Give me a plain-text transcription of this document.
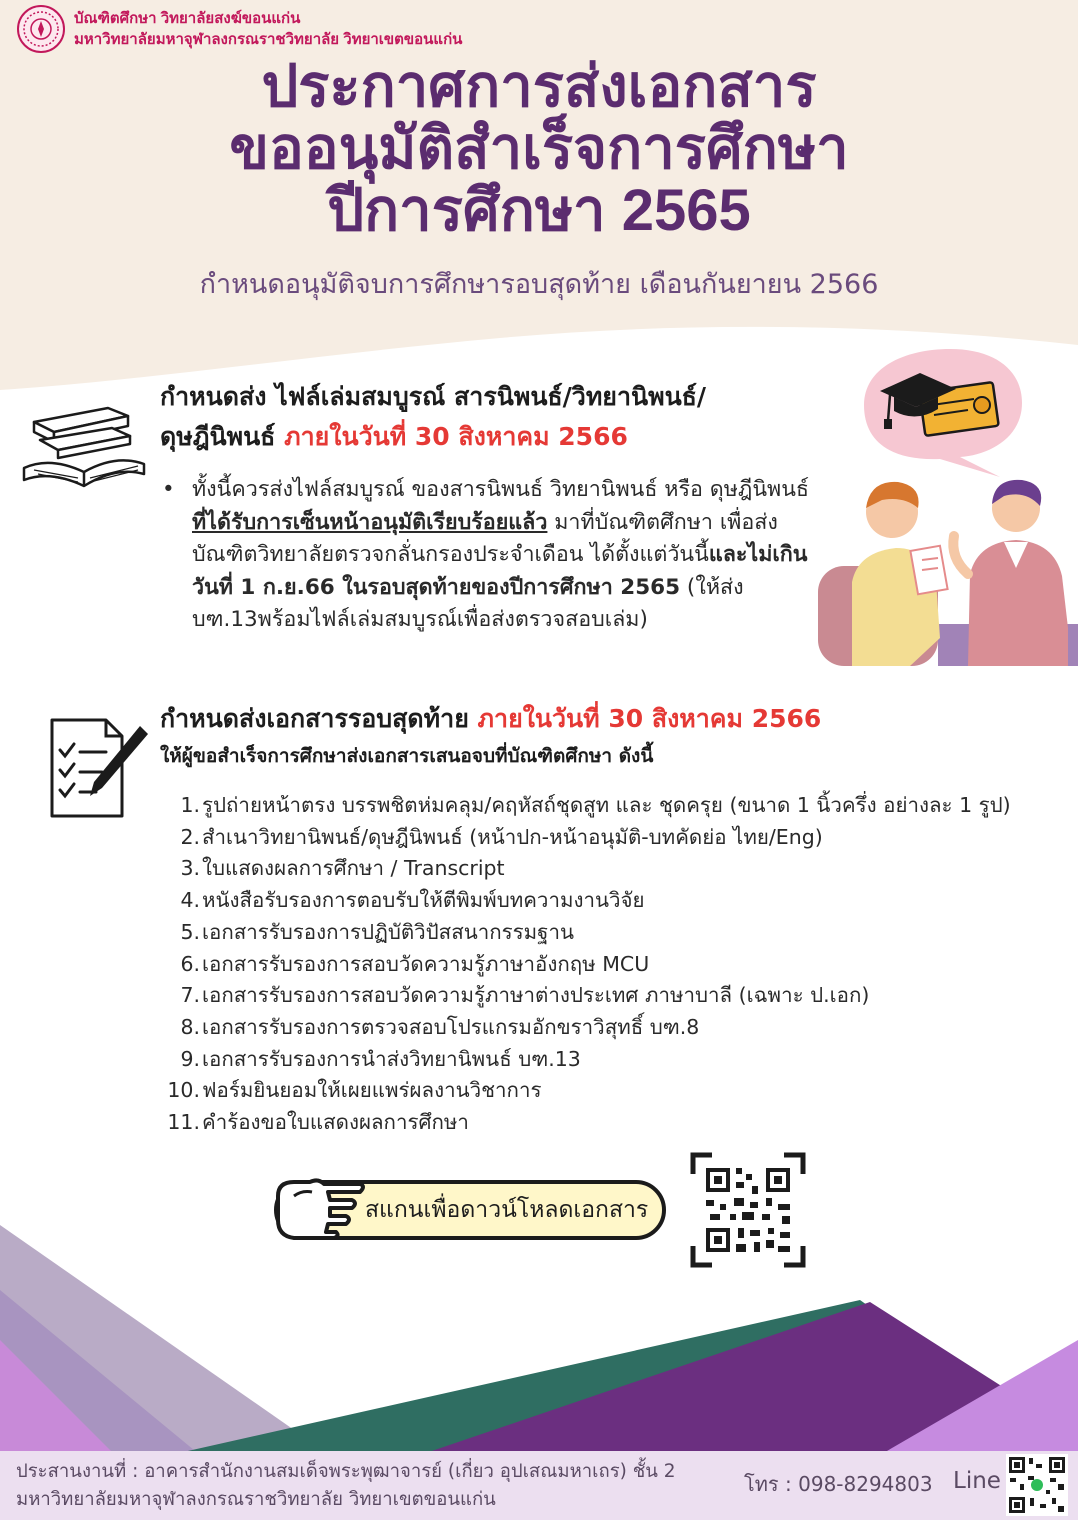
บัณฑิตศึกษา วิทยาลัยสงฆ์ขอนแก่น
มหาวิทยาลัยมหาจุฬาลงกรณราชวิทยาลัย วิทยาเขตขอนแก่น
ประกาศการส่งเอกสาร
ขออนุมัติสำเร็จการศึกษา
ปีการศึกษา 2565
กำหนดอนุมัติจบการศึกษารอบสุดท้าย เดือนกันยายน 2566
กำหนดส่ง ไฟล์เล่มสมบูรณ์ สารนิพนธ์/วิทยานิพนธ์/
ดุษฎีนิพนธ์ ภายในวันที่ 30 สิงหาคม 2566
• ทั้งนี้ควรส่งไฟล์สมบูรณ์ ของสารนิพนธ์ วิทยานิพนธ์ หรือ ดุษฎีนิพนธ์ ที่ได้รับการเซ็นหน้าอนุมัติเรียบร้อยแล้ว มาที่บัณฑิตศึกษา เพื่อส่งบัณฑิตวิทยาลัยตรวจกลั่นกรองประจำเดือน ได้ตั้งแต่วันนี้และไม่เกินวันที่ 1 ก.ย.66 ในรอบสุดท้ายของปีการศึกษา 2565 (ให้ส่งบฑ.13พร้อมไฟล์เล่มสมบูรณ์เพื่อส่งตรวจสอบเล่ม)
กำหนดส่งเอกสารรอบสุดท้าย ภายในวันที่ 30 สิงหาคม 2566
ให้ผู้ขอสำเร็จการศึกษาส่งเอกสารเสนอจบที่บัณฑิตศึกษา ดังนี้
1. รูปถ่ายหน้าตรง บรรพชิตห่มคลุม/คฤหัสถ์ชุดสูท และ ชุดครุย (ขนาด 1 นิ้วครึ่ง อย่างละ 1 รูป)
2. สำเนาวิทยานิพนธ์/ดุษฎีนิพนธ์ (หน้าปก-หน้าอนุมัติ-บทคัดย่อ ไทย/Eng)
3. ใบแสดงผลการศึกษา / Transcript
4. หนังสือรับรองการตอบรับให้ตีพิมพ์บทความงานวิจัย
5. เอกสารรับรองการปฏิบัติวิปัสสนากรรมฐาน
6. เอกสารรับรองการสอบวัดความรู้ภาษาอังกฤษ MCU
7. เอกสารรับรองการสอบวัดความรู้ภาษาต่างประเทศ ภาษาบาลี (เฉพาะ ป.เอก)
8. เอกสารรับรองการตรวจสอบโปรแกรมอักขราวิสุทธิ์ บฑ.8
9. เอกสารรับรองการนำส่งวิทยานิพนธ์ บฑ.13
10. ฟอร์มยินยอมให้เผยแพร่ผลงานวิชาการ
11. คำร้องขอใบแสดงผลการศึกษา
สแกนเพื่อดาวน์โหลดเอกสาร
ประสานงานที่ : อาคารสำนักงานสมเด็จพระพุฒาจารย์ (เกี่ยว อุปเสณมหาเถร) ชั้น 2
มหาวิทยาลัยมหาจุฬาลงกรณราชวิทยาลัย วิทยาเขตขอนแก่น
โทร : 098-8294803 Line
